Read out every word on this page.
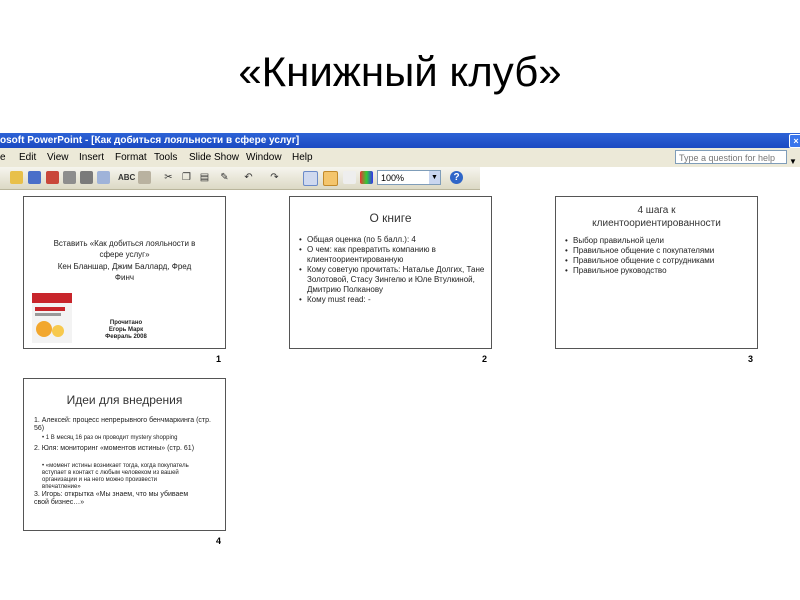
«Книжный клуб»
osoft PowerPoint - [Как добиться лояльности в сфере услуг]	×
e Edit View Insert Format Tools Slide Show Window Help	Type a question for help	▼
ABC	✂ ❐ ▤ ✎ ↶ ↷	100%	▼	?
Вставить «Как добиться лояльности в
сфере услуг»
Кен Бланшар, Джим Баллард, Фред
Финч
Прочитано
Егорь Марк
Февраль 2008
1
О книге
• Общая оценка (по 5 балл.): 4
• О чем: как превратить компанию в клиентоориентированную
• Кому советую прочитать: Наталье Долгих, Тане Золотовой, Стасу Зингелю и Юле Втулкиной, Дмитрию Полканову
• Кому must read: -
2
4 шага к
клиентоориентированности
• Выбор правильной цели
• Правильное общение с покупателями
• Правильное общение с сотрудниками
• Правильное руководство
3
Идеи для внедрения
1. Алексей: процесс непрерывного бенчмаркинга (стр. 56)
• 1 В месяц 16 раз он проводит mystery shopping
2. Юля: мониторинг «моментов истины» (стр. 61)
• «момент истины возникает тогда, когда покупатель вступает в контакт с любым человеком из вашей организации и на него можно произвести впечатление»
3. Игорь: открытка «Мы знаем, что мы убиваем свой бизнес…»
4
